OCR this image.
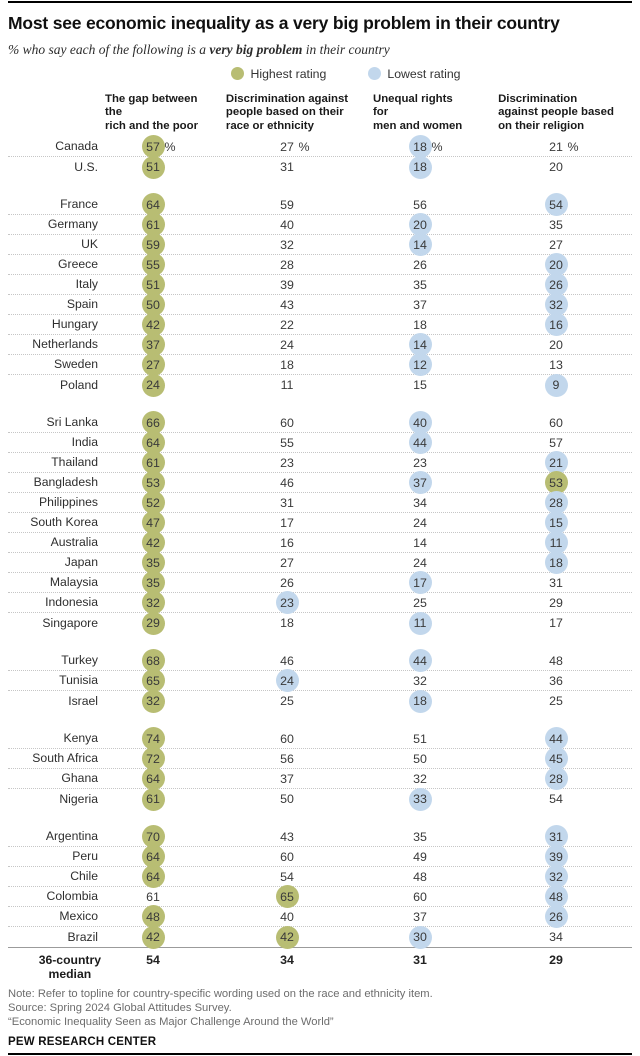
Most see economic inequality as a very big problem in their country

% who say each of the following is a very big problem in their country

Highest rating	Lowest rating
The gap between the
rich and the poor
Discrimination against
people based on their
race or ethnicity
Unequal rights for
men and women
Discrimination
against people based
on their religion
Canada	57 %	27 %	18 %	21 %
U.S.	51	31	18	20
France	64	59	56	54
Germany	61	40	20	35
UK	59	32	14	27
Greece	55	28	26	20
Italy	51	39	35	26
Spain	50	43	37	32
Hungary	42	22	18	16
Netherlands	37	24	14	20
Sweden	27	18	12	13
Poland	24	11	15	9
Sri Lanka	66	60	40	60
India	64	55	44	57
Thailand	61	23	23	21
Bangladesh	53	46	37	53
Philippines	52	31	34	28
South Korea	47	17	24	15
Australia	42	16	14	11
Japan	35	27	24	18
Malaysia	35	26	17	31
Indonesia	32	23	25	29
Singapore	29	18	11	17
Turkey	68	46	44	48
Tunisia	65	24	32	36
Israel	32	25	18	25
Kenya	74	60	51	44
South Africa	72	56	50	45
Ghana	64	37	32	28
Nigeria	61	50	33	54
Argentina	70	43	35	31
Peru	64	60	49	39
Chile	64	54	48	32
Colombia	61	65	60	48
Mexico	48	40	37	26
Brazil	42	42	30	34
36-country
median
54	34	31	29
Note: Refer to topline for country-specific wording used on the race and ethnicity item.
Source: Spring 2024 Global Attitudes Survey.
“Economic Inequality Seen as Major Challenge Around the World”
PEW RESEARCH CENTER
